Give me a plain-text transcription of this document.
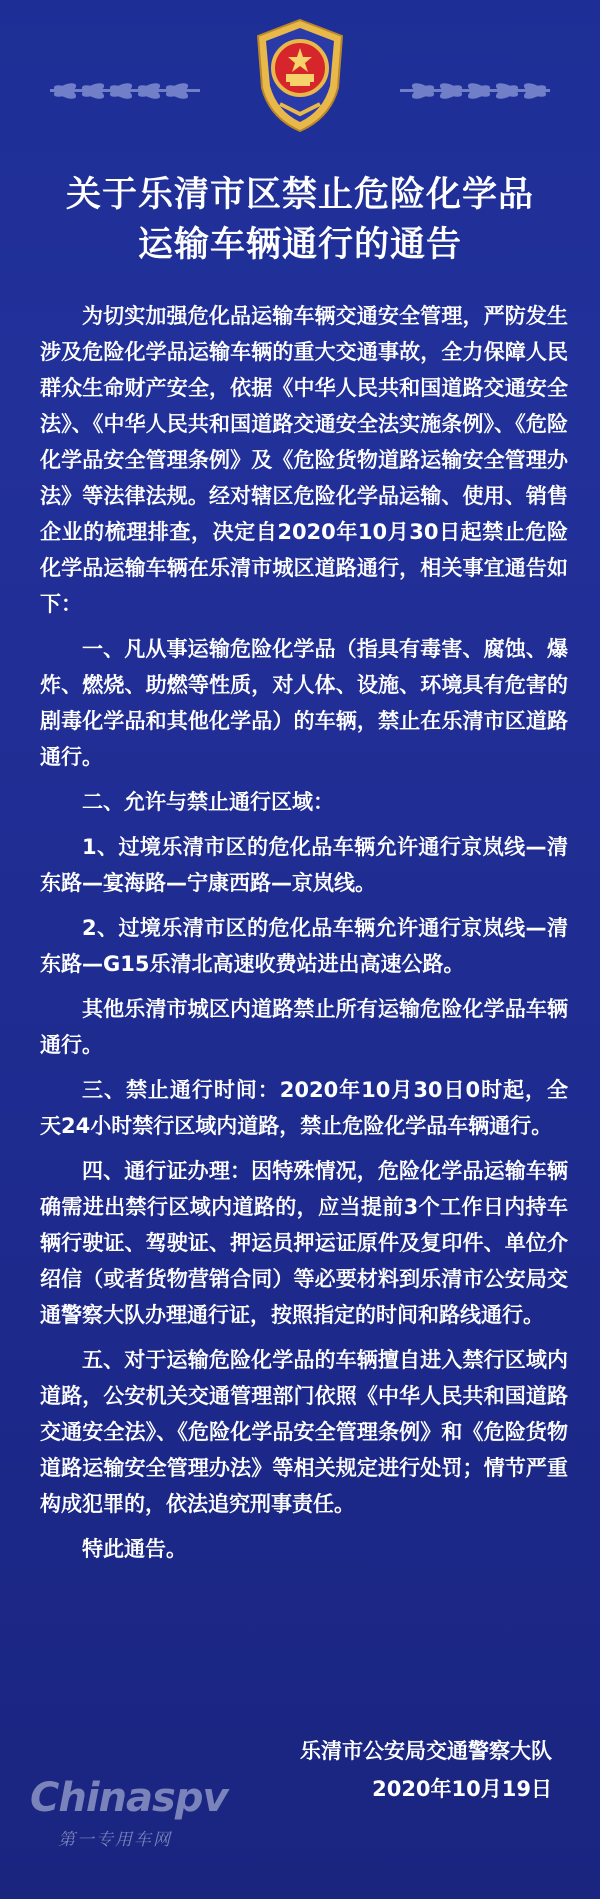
关于乐清市区禁止危险化学品
运输车辆通行的通告

为切实加强危化品运输车辆交通安全管理，严防发生涉及危险化学品运输车辆的重大交通事故，全力保障人民群众生命财产安全，依据《中华人民共和国道路交通安全法》、《中华人民共和国道路交通安全法实施条例》、《危险化学品安全管理条例》及《危险货物道路运输安全管理办法》等法律法规。经对辖区危险化学品运输、使用、销售企业的梳理排查，决定自2020年10月30日起禁止危险化学品运输车辆在乐清市城区道路通行，相关事宜通告如下：

一、凡从事运输危险化学品（指具有毒害、腐蚀、爆炸、燃烧、助燃等性质，对人体、设施、环境具有危害的剧毒化学品和其他化学品）的车辆，禁止在乐清市区道路通行。

二、允许与禁止通行区域：

1、过境乐清市区的危化品车辆允许通行京岚线—清东路—宴海路—宁康西路—京岚线。

2、过境乐清市区的危化品车辆允许通行京岚线—清东路—G15乐清北高速收费站进出高速公路。

其他乐清市城区内道路禁止所有运输危险化学品车辆通行。

三、禁止通行时间：2020年10月30日0时起，全天24小时禁行区域内道路，禁止危险化学品车辆通行。

四、通行证办理：因特殊情况，危险化学品运输车辆确需进出禁行区域内道路的，应当提前3个工作日内持车辆行驶证、驾驶证、押运员押运证原件及复印件、单位介绍信（或者货物营销合同）等必要材料到乐清市公安局交通警察大队办理通行证，按照指定的时间和路线通行。

五、对于运输危险化学品的车辆擅自进入禁行区域内道路，公安机关交通管理部门依照《中华人民共和国道路交通安全法》、《危险化学品安全管理条例》和《危险货物道路运输安全管理办法》等相关规定进行处罚；情节严重构成犯罪的，依法追究刑事责任。

特此通告。

乐清市公安局交通警察大队
2020年10月19日
Chinaspv
第一专用车网
